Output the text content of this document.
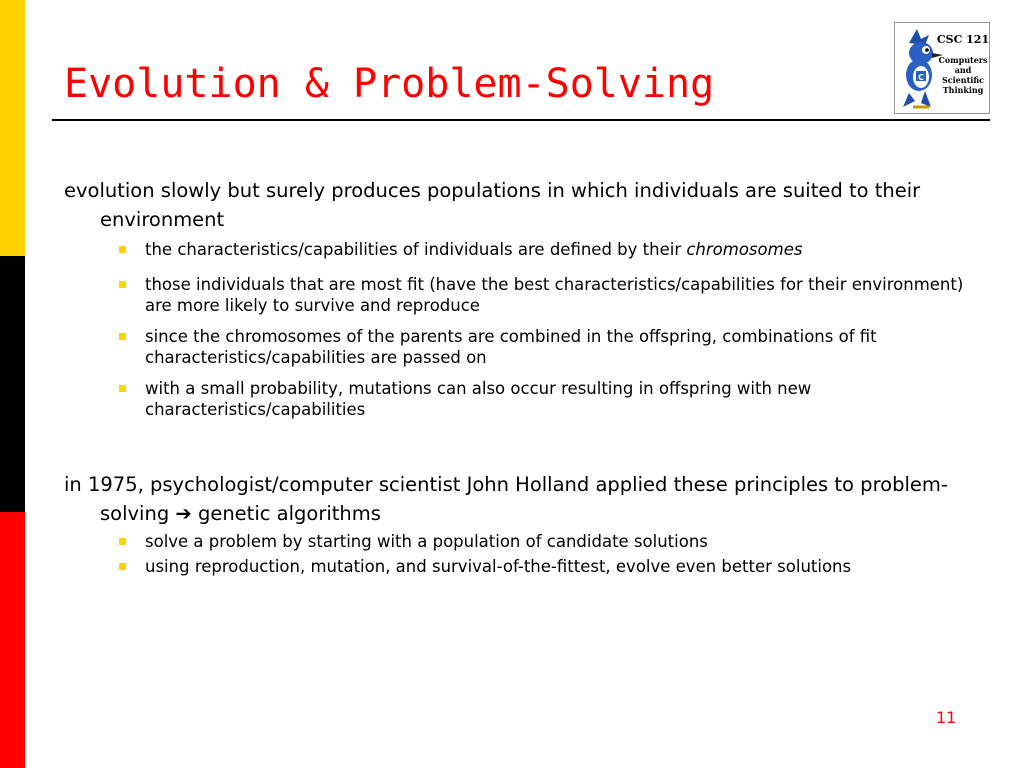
Evolution & Problem-Solving	C
CSC 121
Computers
and
Scientific
Thinking

evolution slowly but surely produces populations in which individuals are suited to their environment

the characteristics/capabilities of individuals are defined by their chromosomes
those individuals that are most fit (have the best characteristics/capabilities for their environment) are more likely to survive and reproduce
since the chromosomes of the parents are combined in the offspring, combinations of fit characteristics/capabilities are passed on
with a small probability, mutations can also occur resulting in offspring with new characteristics/capabilities

in 1975, psychologist/computer scientist John Holland applied these principles to problem-solving ➔ genetic algorithms

solve a problem by starting with a population of candidate solutions
using reproduction, mutation, and survival-of-the-fittest, evolve even better solutions
11
